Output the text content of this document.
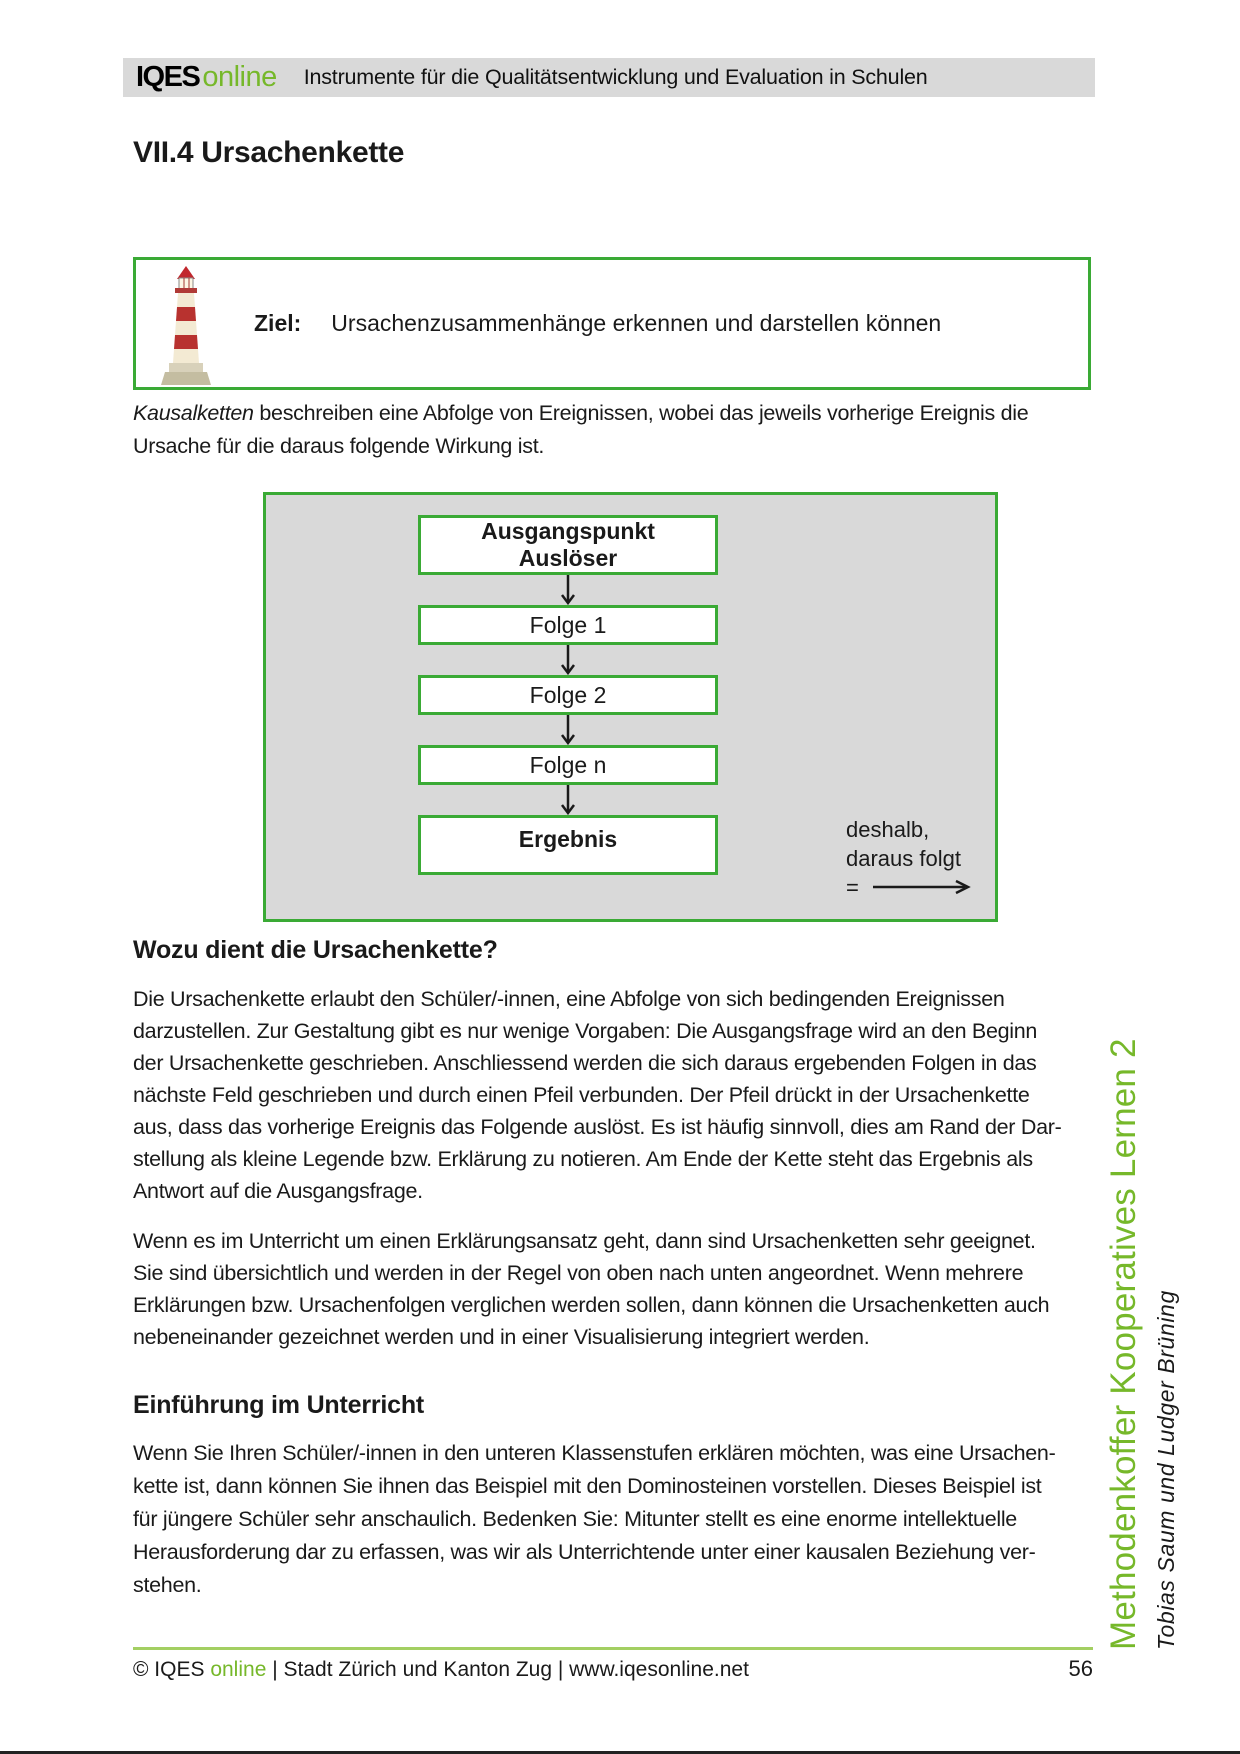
IQES online Instrumente für die Qualitätsentwicklung und Evaluation in Schulen
VII.4 Ursachenkette
Ziel : Ursachenzusammenhänge erkennen und darstellen können
Kausalketten beschreiben eine Abfolge von Ereignissen, wobei das jeweils vorherige Ereignis die
Ursache für die daraus folgende Wirkung ist.
Ausgangspunkt
Auslöser
Folge 1
Folge 2
Folge n
Ergebnis	deshalb,
daraus folgt
=
Wozu dient die Ursachenkette?
Die Ursachenkette erlaubt den Schüler/-innen, eine Abfolge von sich bedingenden Ereignissen
darzustellen. Zur Gestaltung gibt es nur wenige Vorgaben: Die Ausgangsfrage wird an den Beginn
der Ursachenkette geschrieben. Anschliessend werden die sich daraus ergebenden Folgen in das
nächste Feld geschrieben und durch einen Pfeil verbunden. Der Pfeil drückt in der Ursachenkette
aus, dass das vorherige Ereignis das Folgende auslöst. Es ist häufig sinnvoll, dies am Rand der Dar-
stellung als kleine Legende bzw. Erklärung zu notieren. Am Ende der Kette steht das Ergebnis als
Antwort auf die Ausgangsfrage.
Wenn es im Unterricht um einen Erklärungsansatz geht, dann sind Ursachenketten sehr geeignet.
Sie sind übersichtlich und werden in der Regel von oben nach unten angeordnet. Wenn mehrere
Erklärungen bzw. Ursachenfolgen verglichen werden sollen, dann können die Ursachenketten auch
nebeneinander gezeichnet werden und in einer Visualisierung integriert werden.
Einführung im Unterricht
Wenn Sie Ihren Schüler/-innen in den unteren Klassenstufen erklären möchten, was eine Ursachen-
kette ist, dann können Sie ihnen das Beispiel mit den Dominosteinen vorstellen. Dieses Beispiel ist
für jüngere Schüler sehr anschaulich. Bedenken Sie: Mitunter stellt es eine enorme intellektuelle
Herausforderung dar zu erfassen, was wir als Unterrichtende unter einer kausalen Beziehung ver-
stehen.	Methodenkoffer Kooperatives Lernen 2 Tobias Saum und Ludger Brüning
© IQES online | Stadt Zürich und Kanton Zug | www.iqesonline.net	56
